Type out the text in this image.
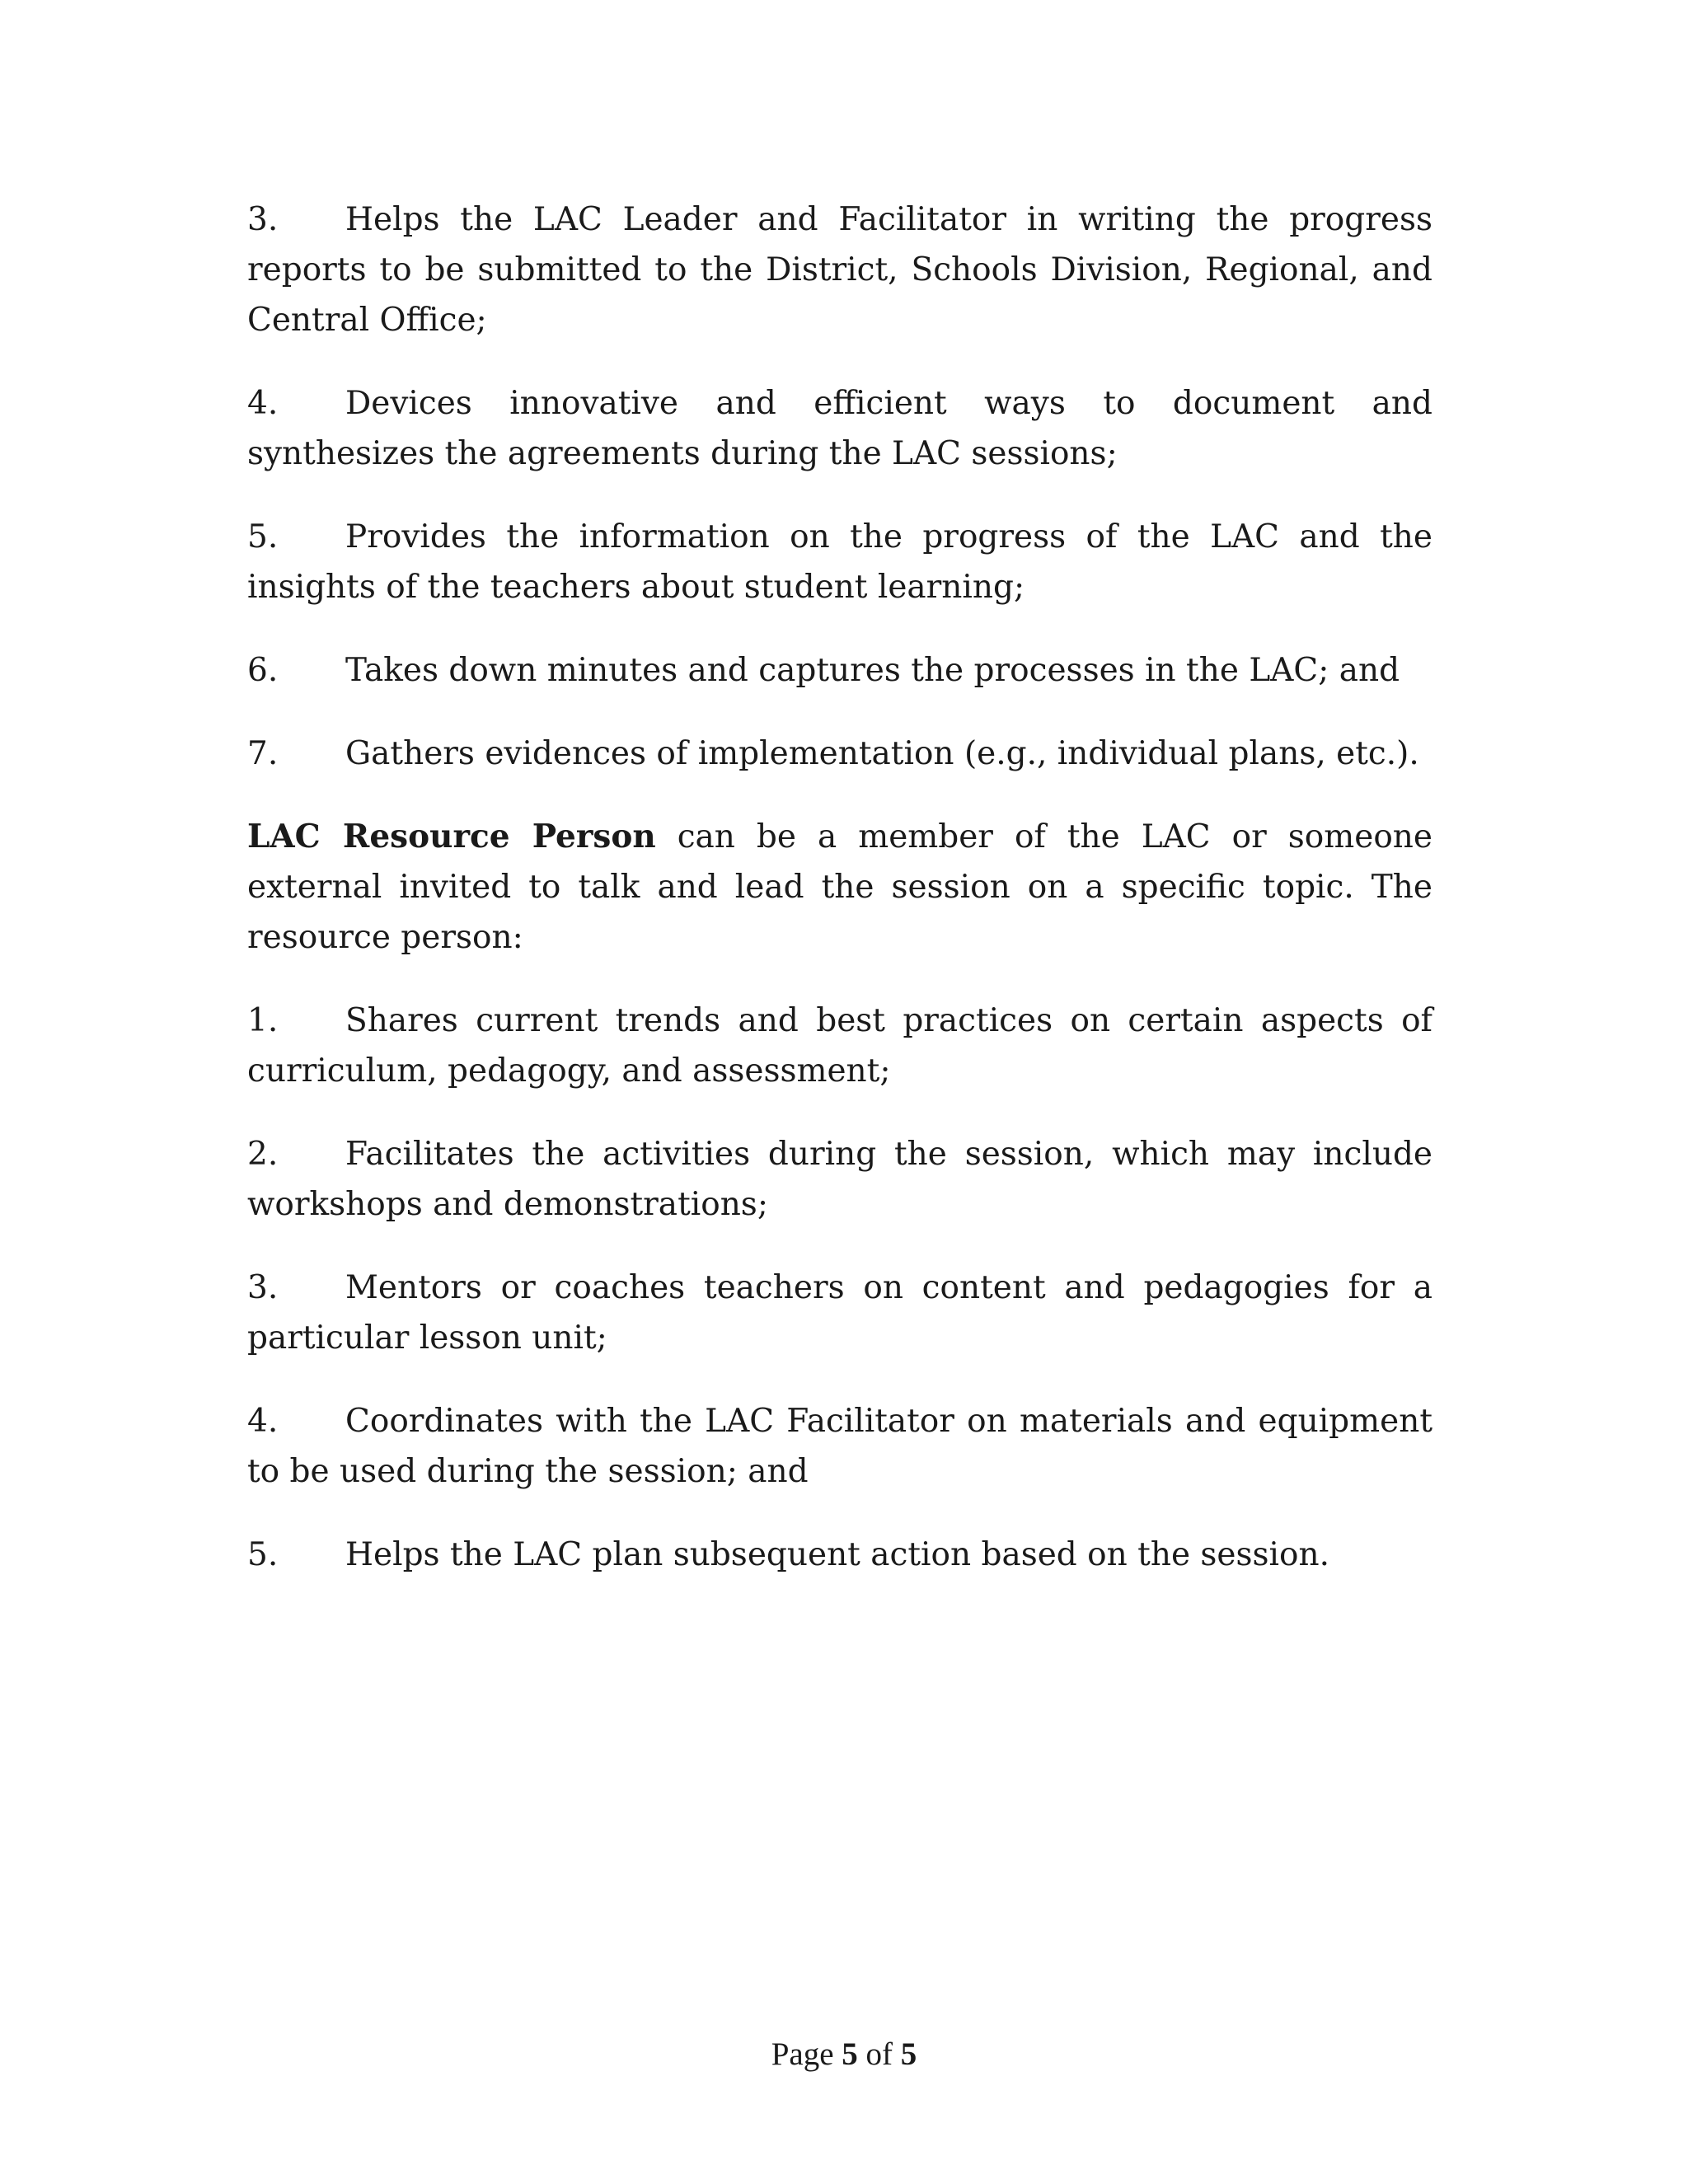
3. Helps the LAC Leader and Facilitator in writing the progress reports to be submitted to the District, Schools Division, Regional, and Central Office;

4. Devices innovative and efficient ways to document and synthesizes the agreements during the LAC sessions;

5. Provides the information on the progress of the LAC and the insights of the teachers about student learning;

6. Takes down minutes and captures the processes in the LAC; and

7. Gathers evidences of implementation (e.g., individual plans, etc.).

LAC Resource Person can be a member of the LAC or someone external invited to talk and lead the session on a specific topic. The resource person:

1. Shares current trends and best practices on certain aspects of curriculum, pedagogy, and assessment;

2. Facilitates the activities during the session, which may include workshops and demonstrations;

3. Mentors or coaches teachers on content and pedagogies for a particular lesson unit;

4. Coordinates with the LAC Facilitator on materials and equipment to be used during the session; and

5. Helps the LAC plan subsequent action based on the session.

Page 5 of 5
